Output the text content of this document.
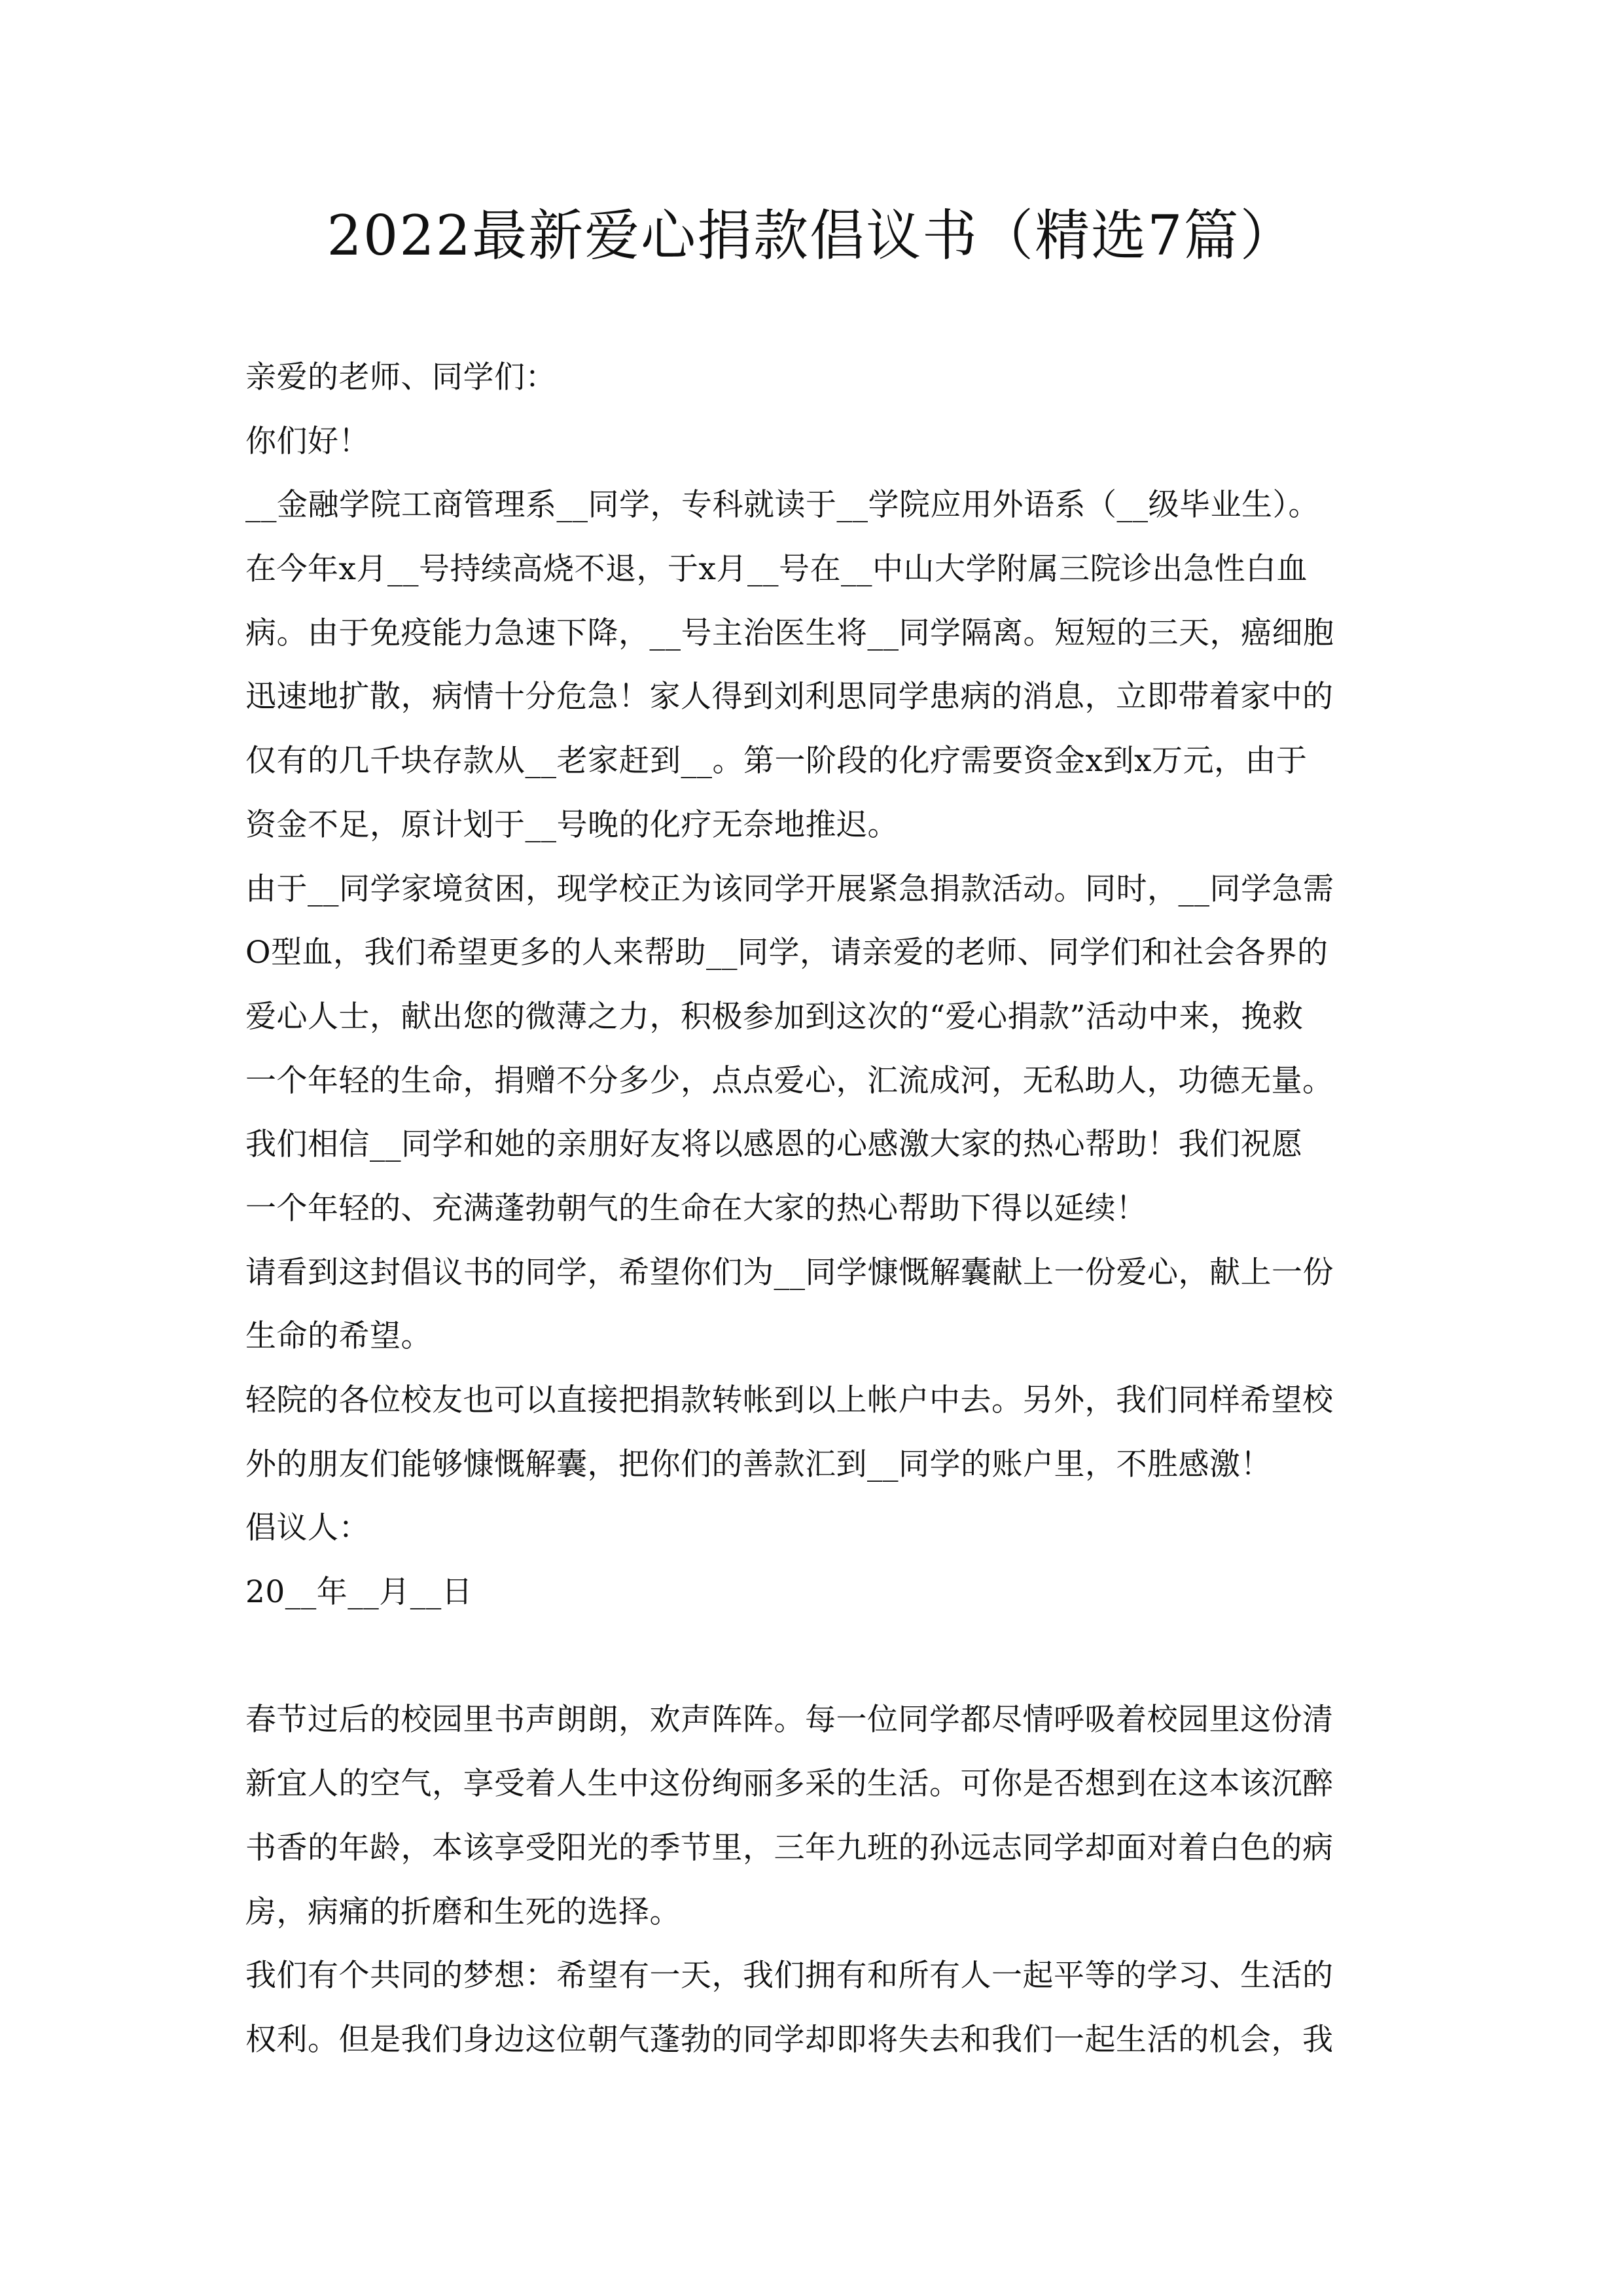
2022最新爱心捐款倡议书（精选7篇）
亲爱的老师、同学们：
你们好！
__金融学院工商管理系__同学，专科就读于__学院应用外语系（__级毕业生）。
在今年x月__号持续高烧不退，于x月__号在__中山大学附属三院诊出急性白血
病。由于免疫能力急速下降，__号主治医生将__同学隔离。短短的三天，癌细胞
迅速地扩散，病情十分危急！家人得到刘利思同学患病的消息，立即带着家中的
仅有的几千块存款从__老家赶到__。第一阶段的化疗需要资金x到x万元，由于
资金不足，原计划于__号晚的化疗无奈地推迟。
由于__同学家境贫困，现学校正为该同学开展紧急捐款活动。同时，__同学急需
O型血，我们希望更多的人来帮助__同学，请亲爱的老师、同学们和社会各界的
爱心人士，献出您的微薄之力，积极参加到这次的“爱心捐款”活动中来，挽救
一个年轻的生命，捐赠不分多少，点点爱心，汇流成河，无私助人，功德无量。
我们相信__同学和她的亲朋好友将以感恩的心感激大家的热心帮助！我们祝愿
一个年轻的、充满蓬勃朝气的生命在大家的热心帮助下得以延续！
请看到这封倡议书的同学，希望你们为__同学慷慨解囊献上一份爱心，献上一份
生命的希望。
轻院的各位校友也可以直接把捐款转帐到以上帐户中去。另外，我们同样希望校
外的朋友们能够慷慨解囊，把你们的善款汇到__同学的账户里，不胜感激！
倡议人：
20__年__月__日
春节过后的校园里书声朗朗，欢声阵阵。每一位同学都尽情呼吸着校园里这份清
新宜人的空气，享受着人生中这份绚丽多采的生活。可你是否想到在这本该沉醉
书香的年龄，本该享受阳光的季节里，三年九班的孙远志同学却面对着白色的病
房，病痛的折磨和生死的选择。
我们有个共同的梦想：希望有一天，我们拥有和所有人一起平等的学习、生活的
权利。但是我们身边这位朝气蓬勃的同学却即将失去和我们一起生活的机会，我
